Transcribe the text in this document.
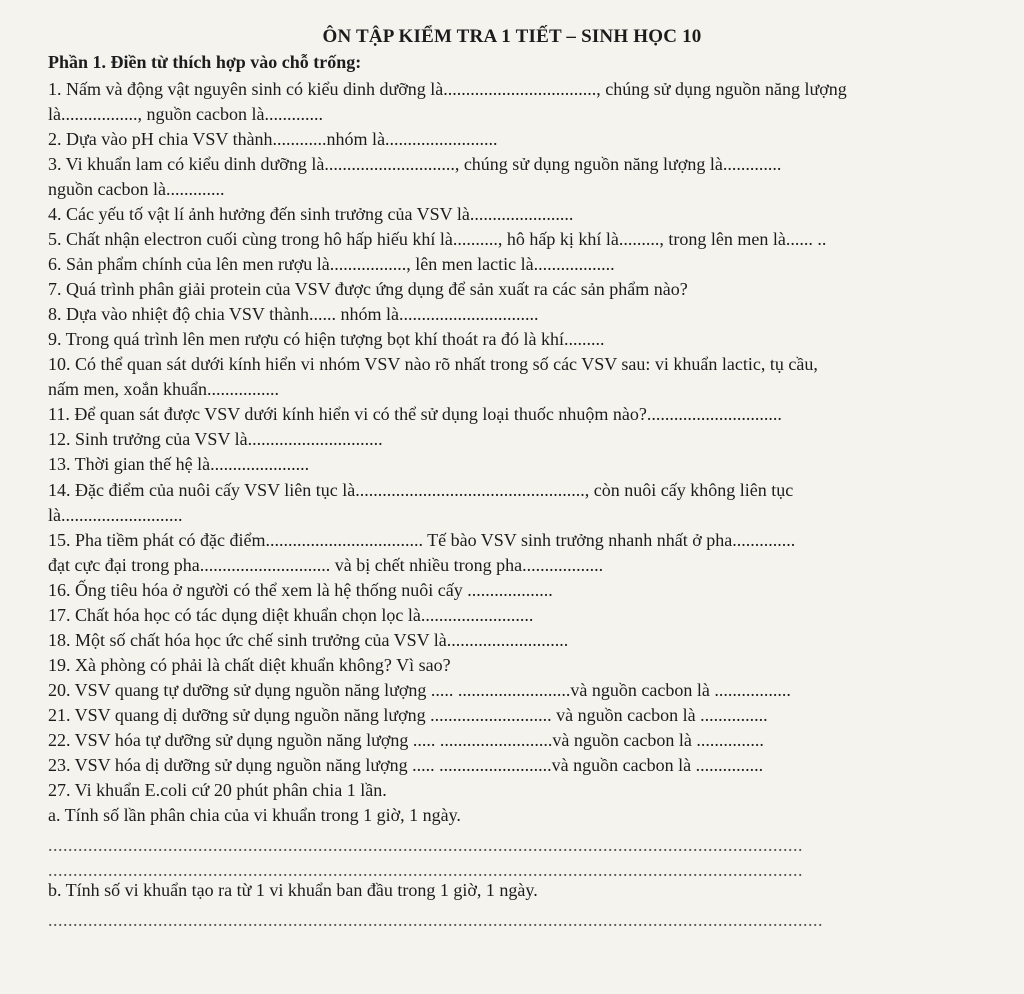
ÔN TẬP KIỂM TRA 1 TIẾT – SINH HỌC 10
Phần 1. Điền từ thích hợp vào chỗ trống:
1. Nấm và động vật nguyên sinh có kiểu dinh dưỡng là.................................., chúng sử dụng nguồn năng lượng
là................., nguồn cacbon là.............
2. Dựa vào pH chia VSV thành............nhóm là.........................
3. Vi khuẩn lam có kiểu dinh dưỡng là............................., chúng sử dụng nguồn năng lượng là.............
nguồn cacbon là.............
4. Các yếu tố vật lí ảnh hưởng đến sinh trưởng của VSV là.......................
5. Chất nhận electron cuối cùng trong hô hấp hiếu khí là.........., hô hấp kị khí là........., trong lên men là...... ..
6. Sản phẩm chính của lên men rượu là................., lên men lactic là..................
7. Quá trình phân giải protein của VSV được ứng dụng để sản xuất ra các sản phẩm nào?
8. Dựa vào nhiệt độ chia VSV thành...... nhóm là...............................
9. Trong quá trình lên men rượu có hiện tượng bọt khí thoát ra đó là khí.........
10. Có thể quan sát dưới kính hiển vi nhóm VSV nào rõ nhất trong số các VSV sau: vi khuẩn lactic, tụ cầu,
nấm men, xoắn khuẩn................
11. Để quan sát được VSV dưới kính hiển vi có thể sử dụng loại thuốc nhuộm nào?..............................
12. Sinh trưởng của VSV là..............................
13. Thời gian thế hệ là......................
14. Đặc điểm của nuôi cấy VSV liên tục là..................................................., còn nuôi cấy không liên tục
là...........................
15. Pha tiềm phát có đặc điểm................................... Tế bào VSV sinh trưởng nhanh nhất ở pha..............
đạt cực đại trong pha............................. và bị chết nhiều trong pha..................
16. Ống tiêu hóa ở người có thể xem là hệ thống nuôi cấy ...................
17. Chất hóa học có tác dụng diệt khuẩn chọn lọc là.........................
18. Một số chất hóa học ức chế sinh trưởng của VSV là...........................
19. Xà phòng có phải là chất diệt khuẩn không? Vì sao?
20. VSV quang tự dưỡng sử dụng nguồn năng lượng ..... .........................và nguồn cacbon là .................
21. VSV quang dị dưỡng sử dụng nguồn năng lượng ........................... và nguồn cacbon là ...............
22. VSV hóa tự dưỡng sử dụng nguồn năng lượng ..... .........................và nguồn cacbon là ...............
23. VSV hóa dị dưỡng sử dụng nguồn năng lượng ..... .........................và nguồn cacbon là ...............
27. Vi khuẩn E.coli cứ 20 phút phân chia 1 lần.
a. Tính số lần phân chia của vi khuẩn trong 1 giờ, 1 ngày.
.......................................................................................................................................................
.......................................................................................................................................................
b. Tính số vi khuẩn tạo ra từ 1 vi khuẩn ban đầu trong 1 giờ, 1 ngày.
...........................................................................................................................................................
